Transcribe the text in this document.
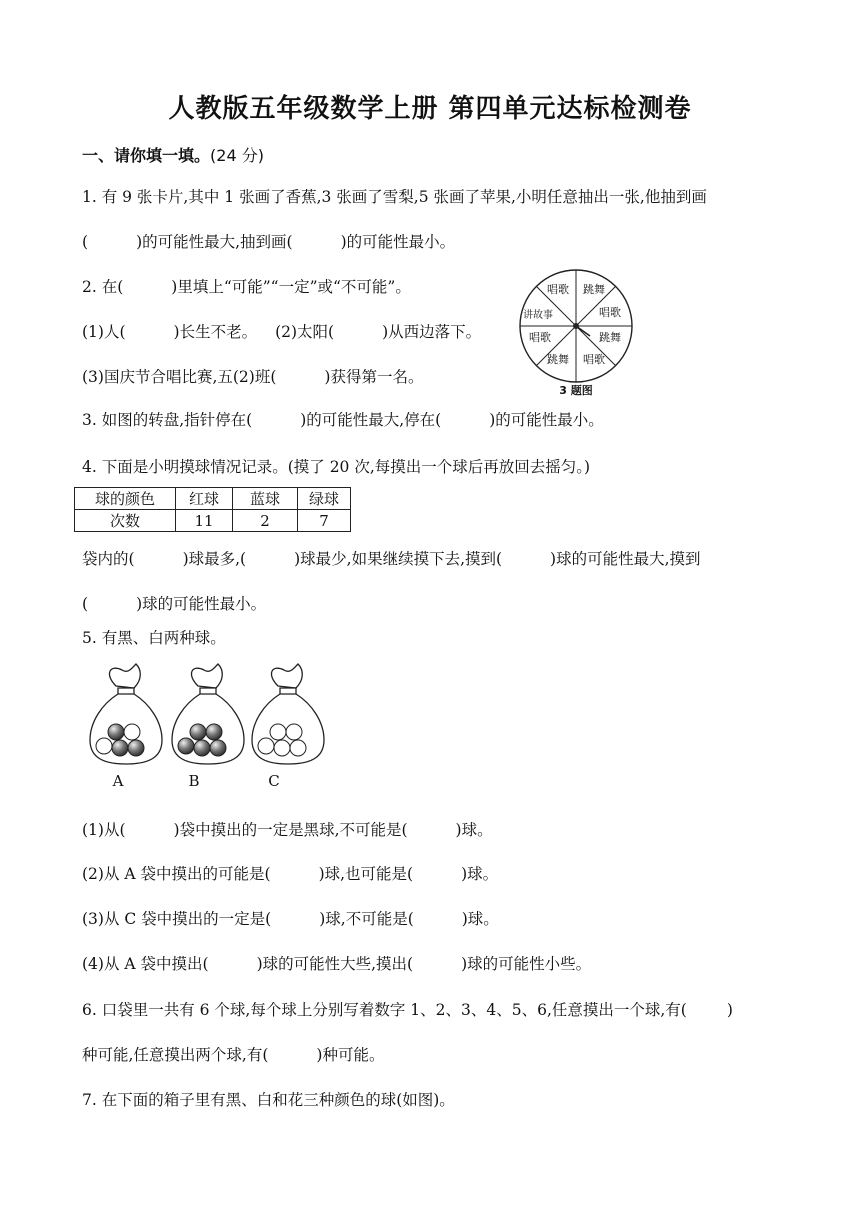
人教版五年级数学上册 第四单元达标检测卷
一、请你填一填。(24 分)
1. 有 9 张卡片,其中 1 张画了香蕉,3 张画了雪梨,5 张画了苹果,小明任意抽出一张,他抽到画
(	)的可能性最大,抽到画(	)的可能性最小。
2. 在(	)里填上“可能”“一定”或“不可能”。
(1)人(	)长生不老。 (2)太阳(	)从西边落下。
(3)国庆节合唱比赛,五(2)班(	)获得第一名。
唱歌 跳舞
唱歌
跳舞
唱歌
跳舞
唱歌
讲故事
3 题图
3. 如图的转盘,指针停在(	)的可能性最大,停在(	)的可能性最小。
4. 下面是小明摸球情况记录。(摸了 20 次,每摸出一个球后再放回去摇匀。)
球的颜色	红球	蓝球	绿球
次数	11	2	7
袋内的(	)球最多,(	)球最少,如果继续摸下去,摸到(	)球的可能性最大,摸到
(	)球的可能性最小。
5. 有黑、白两种球。
A	B	C
(1)从(	)袋中摸出的一定是黑球,不可能是(	)球。
(2)从 A 袋中摸出的可能是(	)球,也可能是(	)球。
(3)从 C 袋中摸出的一定是(	)球,不可能是(	)球。
(4)从 A 袋中摸出(	)球的可能性大些,摸出(	)球的可能性小些。
6. 口袋里一共有 6 个球,每个球上分别写着数字 1、2、3、4、5、6,任意摸出一个球,有(	)
种可能,任意摸出两个球,有(	)种可能。
7. 在下面的箱子里有黑、白和花三种颜色的球(如图)。
